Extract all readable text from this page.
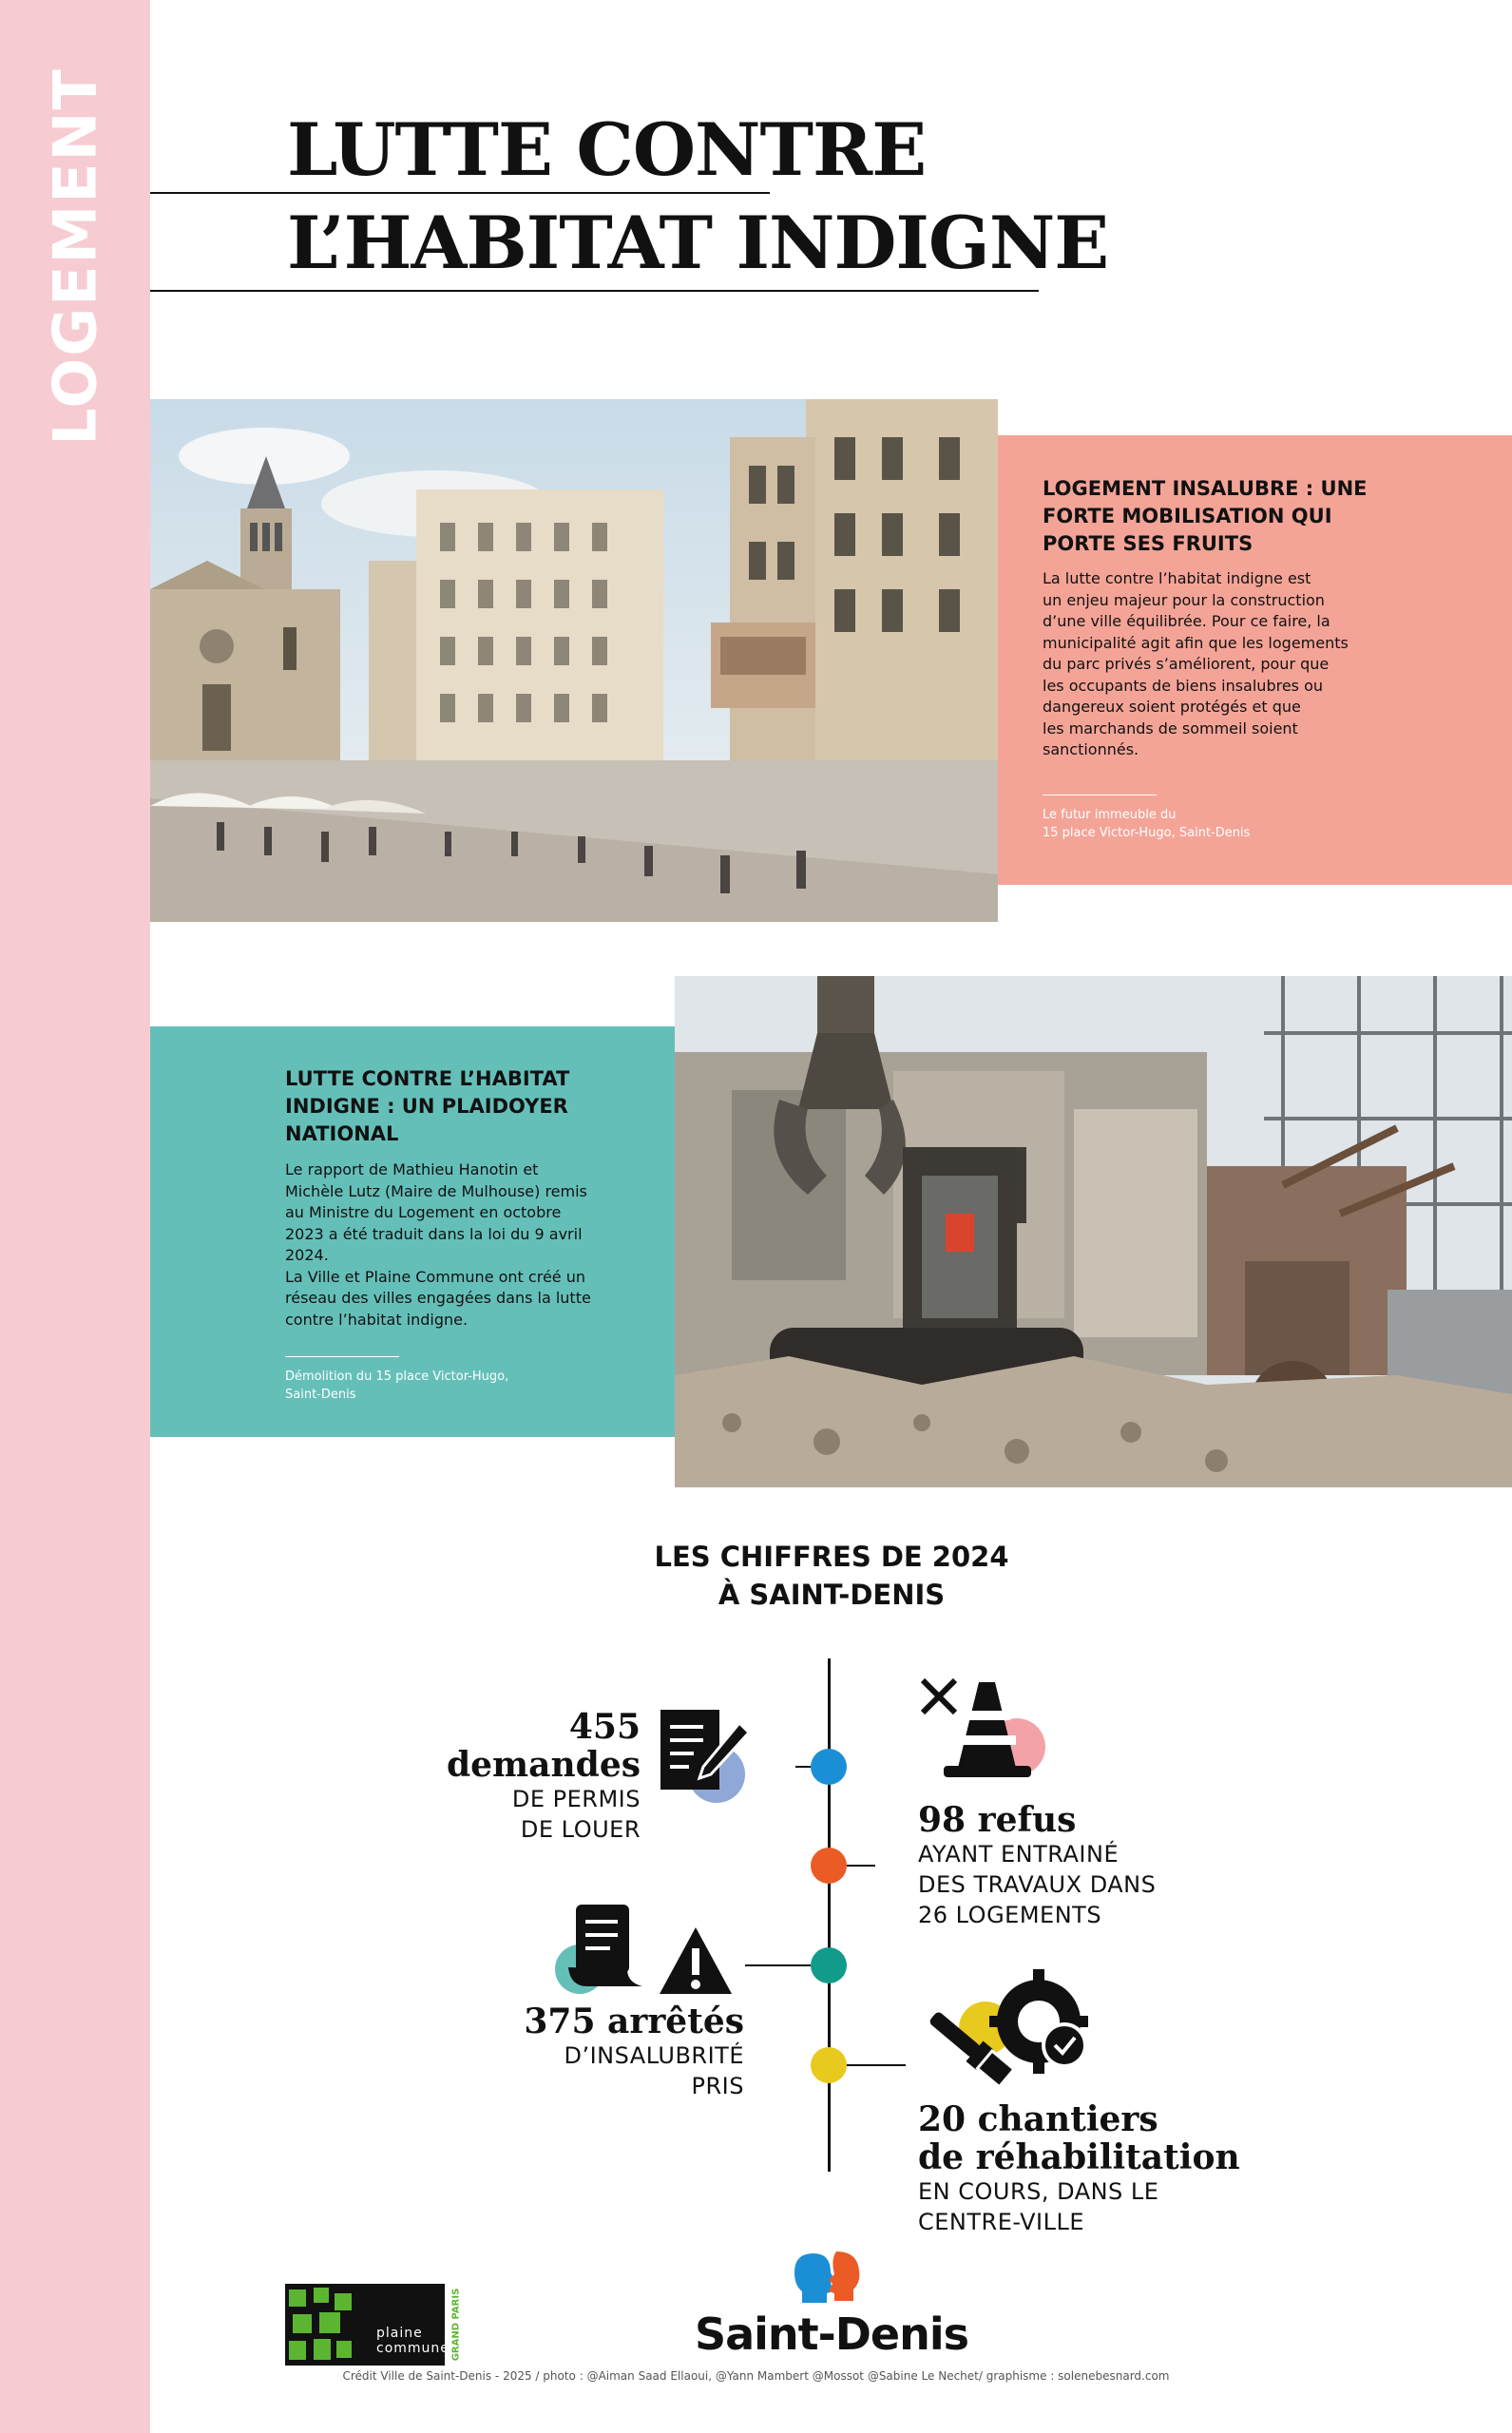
LOGEMENT LUTTE CONTRE
L’HABITAT INDIGNE
LOGEMENT INSALUBRE : UNE
FORTE MOBILISATION QUI
PORTE SES FRUITS
La lutte contre l’habitat indigne est
un enjeu majeur pour la construction
d’une ville équilibrée. Pour ce faire, la
municipalité agit afin que les logements
du parc privés s’améliorent, pour que
les occupants de biens insalubres ou
dangereux soient protégés et que
les marchands de sommeil soient
sanctionnés.
Le futur immeuble du
15 place Victor-Hugo, Saint-Denis
LUTTE CONTRE L’HABITAT
INDIGNE : UN PLAIDOYER
NATIONAL
Le rapport de Mathieu Hanotin et
Michèle Lutz (Maire de Mulhouse) remis
au Ministre du Logement en octobre
2023 a été traduit dans la loi du 9 avril
2024.
La Ville et Plaine Commune ont créé un
réseau des villes engagées dans la lutte
contre l’habitat indigne.
Démolition du 15 place Victor-Hugo,
Saint-Denis
LES CHIFFRES DE 2024
À SAINT-DENIS
455
demandes
DE PERMIS
DE LOUER	98 refus
AYANT ENTRAINÉ
DES TRAVAUX DANS
26 LOGEMENTS
375 arrêtés
D’INSALUBRITÉ
PRIS
20 chantiers
de réhabilitation
EN COURS, DANS LE
CENTRE-VILLE
plaine
commune GRAND PARIS	Saint-Denis
Crédit Ville de Saint-Denis - 2025 / photo : @Aiman Saad Ellaoui, @Yann Mambert @Mossot @Sabine Le Nechet/ graphisme : solenebesnard.com
